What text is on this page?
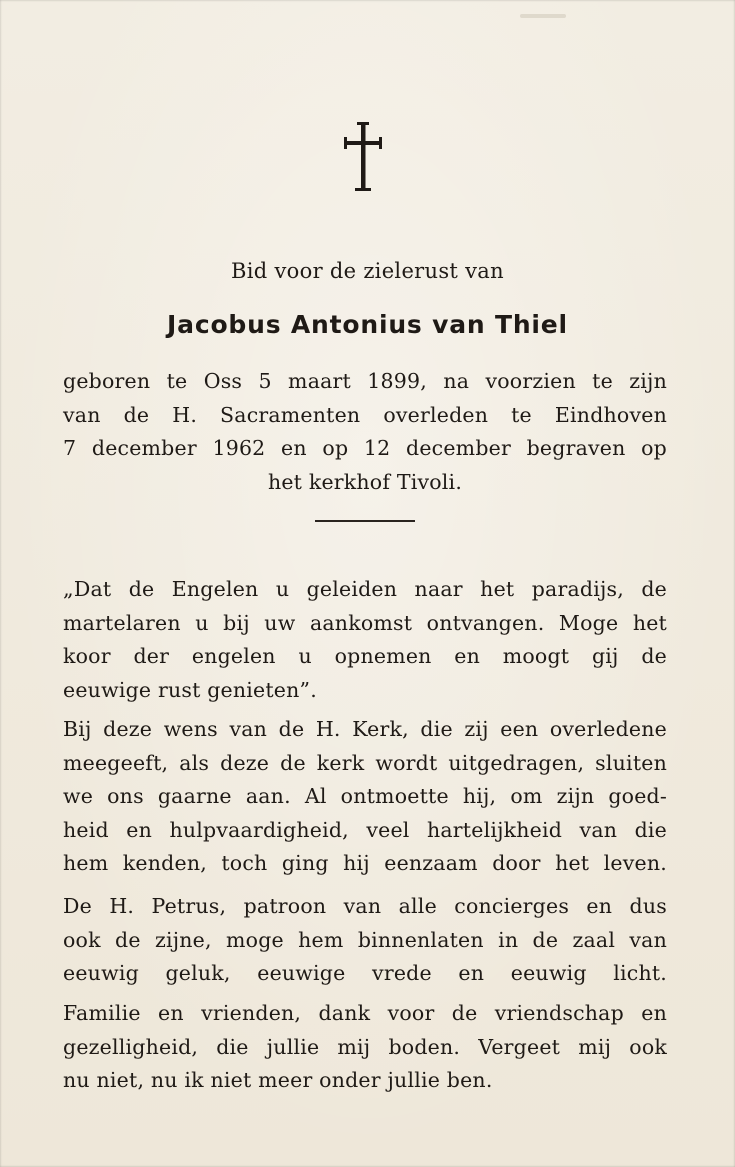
Bid voor de zielerust van
Jacobus Antonius van Thiel
geboren te Oss 5 maart 1899, na voorzien te zijn
van de H. Sacramenten overleden te Eindhoven
7 december 1962 en op 12 december begraven op
het kerkhof Tivoli.
„Dat de Engelen u geleiden naar het paradijs, de
martelaren u bij uw aankomst ontvangen. Moge het
koor der engelen u opnemen en moogt gij de
eeuwige rust genieten”.
Bij deze wens van de H. Kerk, die zij een overledene
meegeeft, als deze de kerk wordt uitgedragen, sluiten
we ons gaarne aan. Al ontmoette hij, om zijn goed-
heid en hulpvaardigheid, veel hartelijkheid van die
hem kenden, toch ging hij eenzaam door het leven.
De H. Petrus, patroon van alle concierges en dus
ook de zijne, moge hem binnenlaten in de zaal van
eeuwig geluk, eeuwige vrede en eeuwig licht.
Familie en vrienden, dank voor de vriendschap en
gezelligheid, die jullie mij boden. Vergeet mij ook
nu niet, nu ik niet meer onder jullie ben.
